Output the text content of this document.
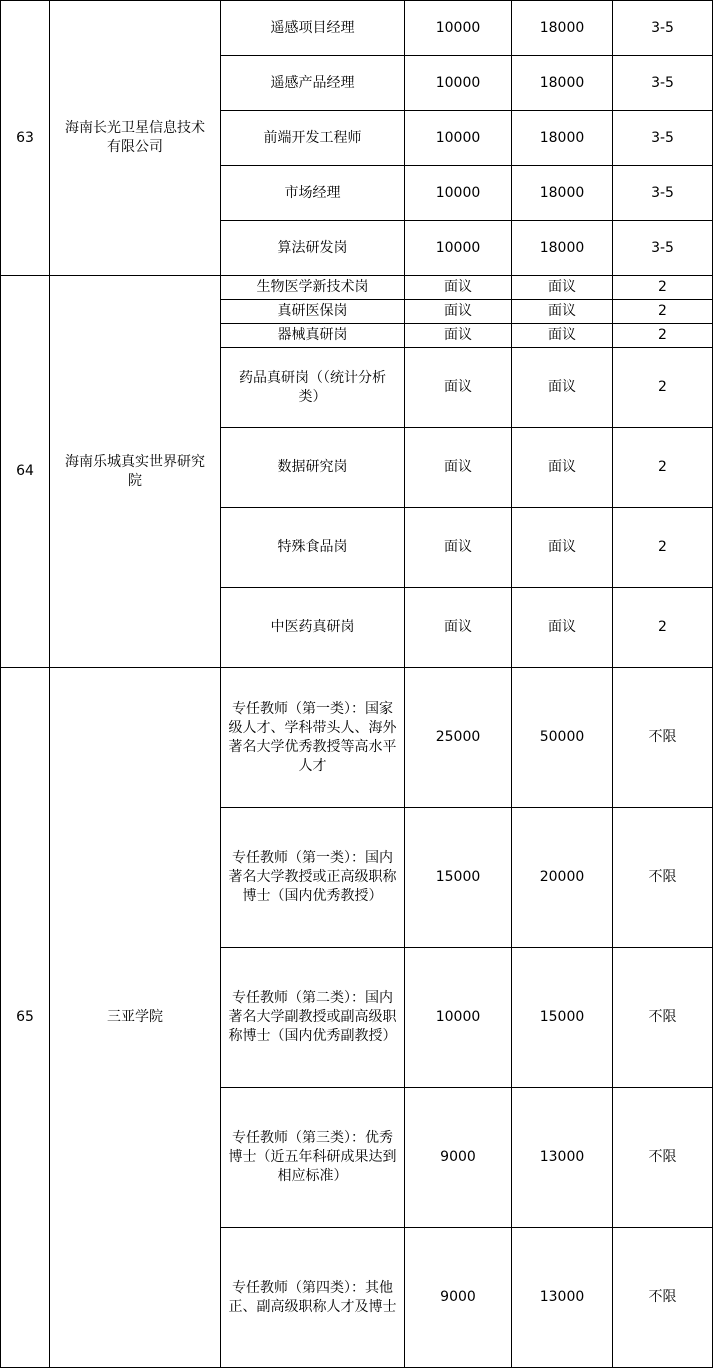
63	海南长光卫星信息技术有限公司	遥感项目经理	10000	18000	3-5
		遥感产品经理	10000	18000	3-5
		前端开发工程师	10000	18000	3-5
		市场经理	10000	18000	3-5
		算法研发岗	10000	18000	3-5
64	海南乐城真实世界研究院	生物医学新技术岗	面议	面议	2
		真研医保岗	面议	面议	2
		器械真研岗	面议	面议	2
		药品真研岗（（统计分析类）	面议	面议	2
		数据研究岗	面议	面议	2
		特殊食品岗	面议	面议	2
		中医药真研岗	面议	面议	2
65	三亚学院	专任教师（第一类）：国家级人才、学科带头人、海外著名大学优秀教授等高水平人才	25000	50000	不限
		专任教师（第一类）：国内著名大学教授或正高级职称博士（国内优秀教授）	15000	20000	不限
		专任教师（第二类）：国内著名大学副教授或副高级职称博士（国内优秀副教授）	10000	15000	不限
		专任教师（第三类）：优秀博士（近五年科研成果达到相应标准）	9000	13000	不限
		专任教师（第四类）：其他正、副高级职称人才及博士	9000	13000	不限
